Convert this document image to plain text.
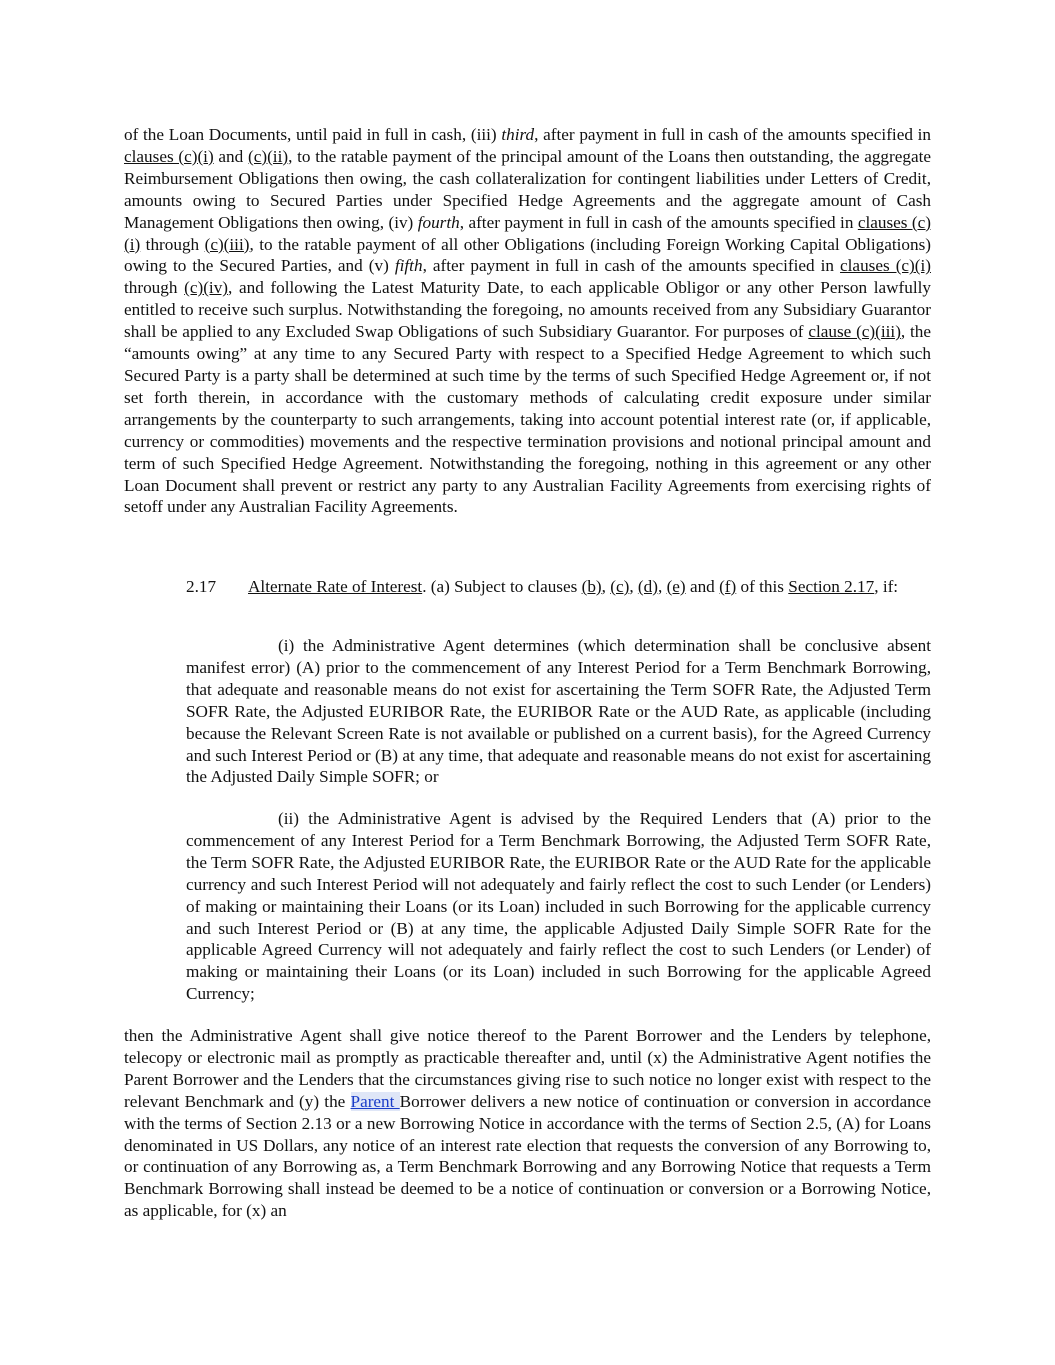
of the Loan Documents, until paid in full in cash, (iii) third, after payment in full in cash of the amounts specified in clauses (c)(i) and (c)(ii), to the ratable payment of the principal amount of the Loans then outstanding, the aggregate Reimbursement Obligations then owing, the cash collateralization for contingent liabilities under Letters of Credit, amounts owing to Secured Parties under Specified Hedge Agreements and the aggregate amount of Cash Management Obligations then owing, (iv) fourth, after payment in full in cash of the amounts specified in clauses (c)(i) through (c)(iii), to the ratable payment of all other Obligations (including Foreign Working Capital Obligations) owing to the Secured Parties, and (v) fifth, after payment in full in cash of the amounts specified in clauses (c)(i) through (c)(iv), and following the Latest Maturity Date, to each applicable Obligor or any other Person lawfully entitled to receive such surplus. Notwithstanding the foregoing, no amounts received from any Subsidiary Guarantor shall be applied to any Excluded Swap Obligations of such Subsidiary Guarantor. For purposes of clause (c)(iii), the “amounts owing” at any time to any Secured Party with respect to a Specified Hedge Agreement to which such Secured Party is a party shall be determined at such time by the terms of such Specified Hedge Agreement or, if not set forth therein, in accordance with the customary methods of calculating credit exposure under similar arrangements by the counterparty to such arrangements, taking into account potential interest rate (or, if applicable, currency or commodities) movements and the respective termination provisions and notional principal amount and term of such Specified Hedge Agreement. Notwithstanding the foregoing, nothing in this agreement or any other Loan Document shall prevent or restrict any party to any Australian Facility Agreements from exercising rights of setoff under any Australian Facility Agreements.
2.17 Alternate Rate of Interest. (a) Subject to clauses (b), (c), (d), (e) and (f) of this Section 2.17, if:
(i) the Administrative Agent determines (which determination shall be conclusive absent manifest error) (A) prior to the commencement of any Interest Period for a Term Benchmark Borrowing, that adequate and reasonable means do not exist for ascertaining the Term SOFR Rate, the Adjusted Term SOFR Rate, the Adjusted EURIBOR Rate, the EURIBOR Rate or the AUD Rate, as applicable (including because the Relevant Screen Rate is not available or published on a current basis), for the Agreed Currency and such Interest Period or (B) at any time, that adequate and reasonable means do not exist for ascertaining the Adjusted Daily Simple SOFR; or
(ii) the Administrative Agent is advised by the Required Lenders that (A) prior to the commencement of any Interest Period for a Term Benchmark Borrowing, the Adjusted Term SOFR Rate, the Term SOFR Rate, the Adjusted EURIBOR Rate, the EURIBOR Rate or the AUD Rate for the applicable currency and such Interest Period will not adequately and fairly reflect the cost to such Lender (or Lenders) of making or maintaining their Loans (or its Loan) included in such Borrowing for the applicable currency and such Interest Period or (B) at any time, the applicable Adjusted Daily Simple SOFR Rate for the applicable Agreed Currency will not adequately and fairly reflect the cost to such Lenders (or Lender) of making or maintaining their Loans (or its Loan) included in such Borrowing for the applicable Agreed Currency;
then the Administrative Agent shall give notice thereof to the Parent Borrower and the Lenders by telephone, telecopy or electronic mail as promptly as practicable thereafter and, until (x) the Administrative Agent notifies the Parent Borrower and the Lenders that the circumstances giving rise to such notice no longer exist with respect to the relevant Benchmark and (y) the Parent Borrower delivers a new notice of continuation or conversion in accordance with the terms of Section 2.13 or a new Borrowing Notice in accordance with the terms of Section 2.5, (A) for Loans denominated in US Dollars, any notice of an interest rate election that requests the conversion of any Borrowing to, or continuation of any Borrowing as, a Term Benchmark Borrowing and any Borrowing Notice that requests a Term Benchmark Borrowing shall instead be deemed to be a notice of continuation or conversion or a Borrowing Notice, as applicable, for (x) an
